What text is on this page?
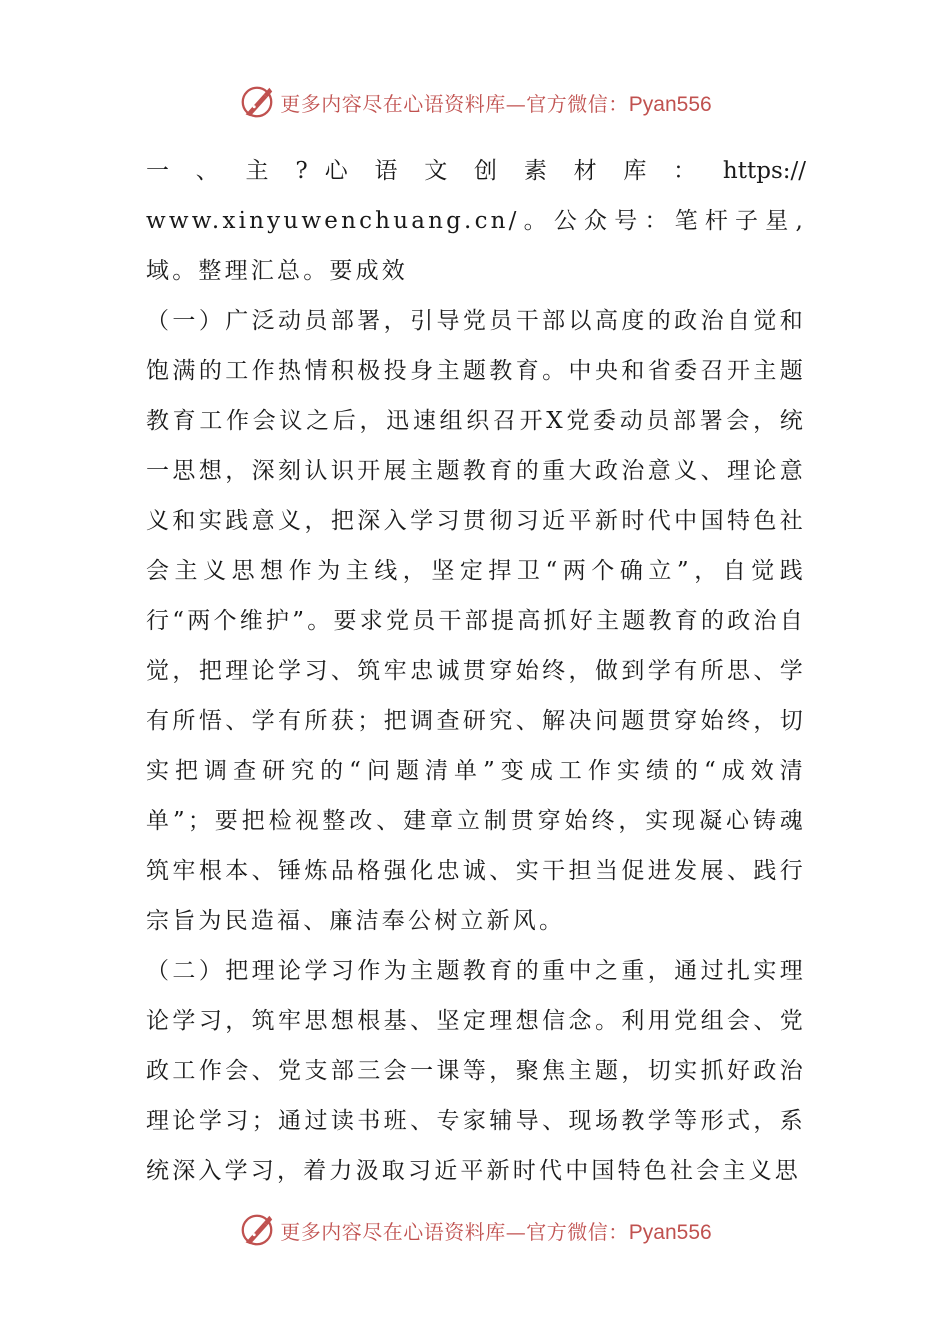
更多内容尽在心语资料库—官方微信：Pyan556

一 、 主 ? 心 语 文 创 素 材 库 ： https://
www.xinyuwenchuang.cn/。公众号：笔杆子星,域。整理汇总。要成效

（一）广泛动员部署，引导党员干部以高度的政治自觉和饱满的工作热情积极投身主题教育。中央和省委召开主题教育工作会议之后，迅速组织召开X党委动员部署会，统一思想，深刻认识开展主题教育的重大政治意义、理论意义和实践意义，把深入学习贯彻习近平新时代中国特色社会主义思想作为主线，坚定捍卫“两个确立”，自觉践行“两个维护”。要求党员干部提高抓好主题教育的政治自觉，把理论学习、筑牢忠诚贯穿始终，做到学有所思、学有所悟、学有所获；把调查研究、解决问题贯穿始终，切实把调查研究的“问题清单”变成工作实绩的“成效清单”；要把检视整改、建章立制贯穿始终，实现凝心铸魂筑牢根本、锤炼品格强化忠诚、实干担当促进发展、践行宗旨为民造福、廉洁奉公树立新风。

（二）把理论学习作为主题教育的重中之重，通过扎实理论学习，筑牢思想根基、坚定理想信念。利用党组会、党政工作会、党支部三会一课等，聚焦主题，切实抓好政治理论学习；通过读书班、专家辅导、现场教学等形式，系统深入学习，着力汲取习近平新时代中国特色社会主义思

更多内容尽在心语资料库—官方微信：Pyan556
